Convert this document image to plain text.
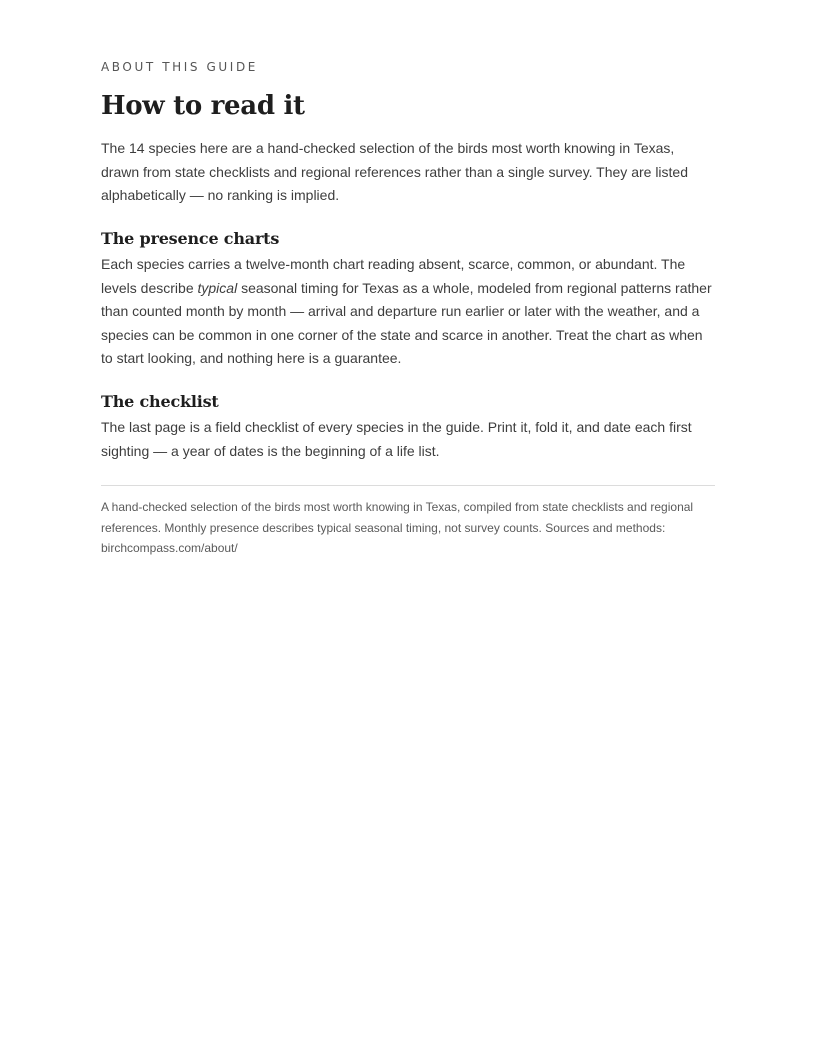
ABOUT THIS GUIDE

How to read it

The 14 species here are a hand-checked selection of the birds most worth knowing in Texas, drawn from state checklists and regional references rather than a single survey. They are listed alphabetically — no ranking is implied.

The presence charts

Each species carries a twelve-month chart reading absent, scarce, common, or abundant. The levels describe typical seasonal timing for Texas as a whole, modeled from regional patterns rather than counted month by month — arrival and departure run earlier or later with the weather, and a species can be common in one corner of the state and scarce in another. Treat the chart as when to start looking, and nothing here is a guarantee.

The checklist

The last page is a field checklist of every species in the guide. Print it, fold it, and date each first sighting — a year of dates is the beginning of a life list.

A hand-checked selection of the birds most worth knowing in Texas, compiled from state checklists and regional references. Monthly presence describes typical seasonal timing, not survey counts. Sources and methods: birchcompass.com/about/
